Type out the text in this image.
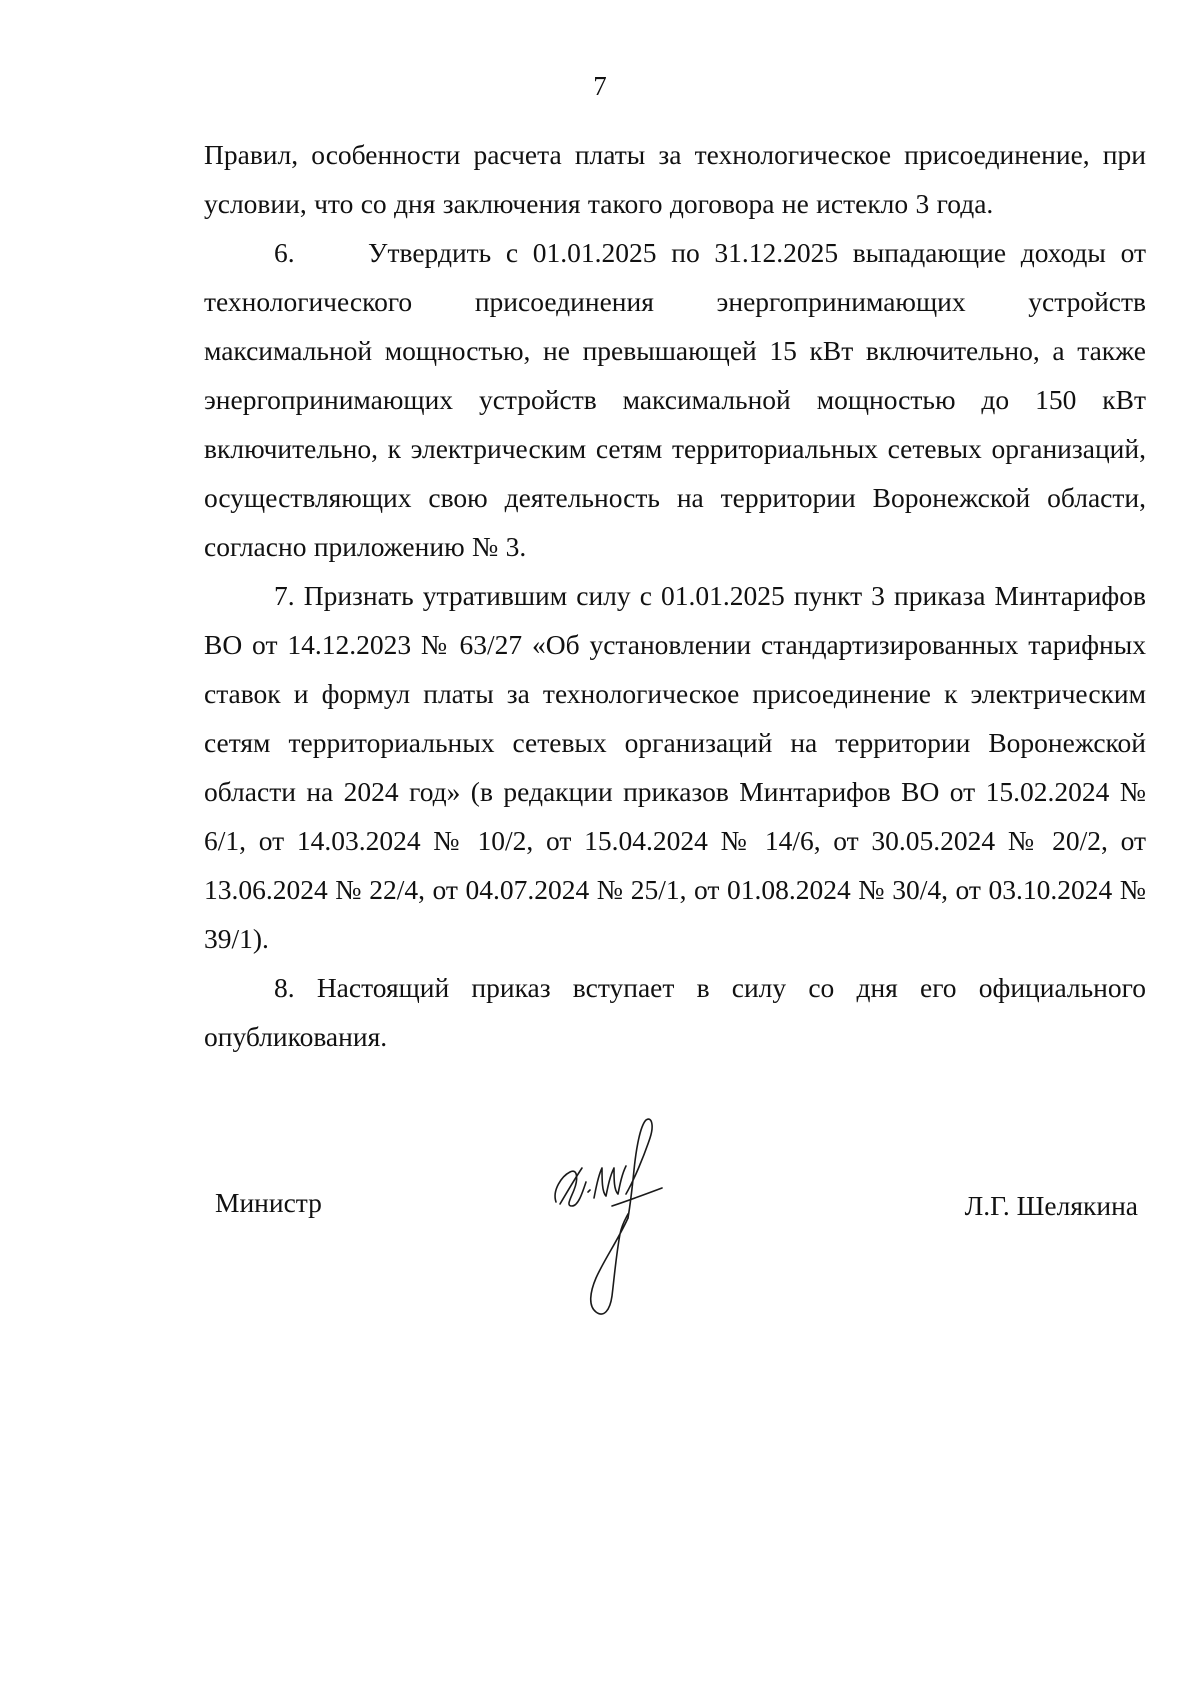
7

Правил, особенности расчета платы за технологическое присоединение, при условии, что со дня заключения такого договора не истекло 3 года.

6.     Утвердить с 01.01.2025 по 31.12.2025 выпадающие доходы от технологического присоединения энергопринимающих устройств максимальной мощностью, не превышающей 15 кВт включительно, а также энергопринимающих устройств максимальной мощностью до 150 кВт включительно, к электрическим сетям территориальных сетевых организаций, осуществляющих свою деятельность на территории Воронежской области, согласно приложению № 3.

7. Признать утратившим силу с 01.01.2025 пункт 3 приказа Минтарифов ВО от 14.12.2023 № 63/27 «Об установлении стандартизированных тарифных ставок и формул платы за технологическое присоединение к электрическим сетям территориальных сетевых организаций на территории Воронежской области на 2024 год» (в редакции приказов Минтарифов ВО от 15.02.2024 № 6/1, от 14.03.2024 № 10/2, от 15.04.2024 № 14/6, от 30.05.2024 № 20/2, от 13.06.2024 № 22/4, от 04.07.2024 № 25/1, от 01.08.2024 № 30/4, от 03.10.2024 № 39/1).

8. Настоящий приказ вступает в силу со дня его официального опубликования.

Министр	Л.Г. Шелякина
